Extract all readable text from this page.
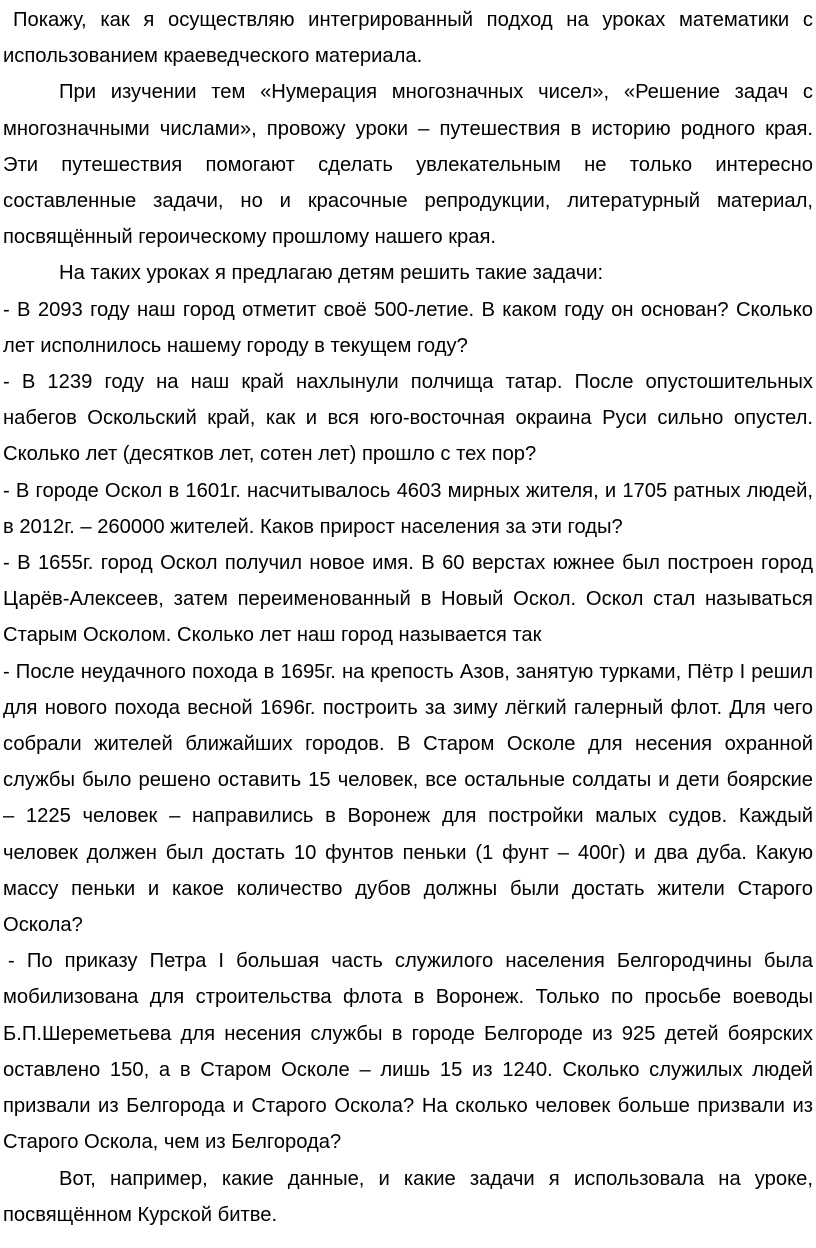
Покажу, как я осуществляю интегрированный подход на уроках математики с использованием краеведческого материала.

При изучении тем «Нумерация многозначных чисел», «Решение задач с многозначными числами», провожу уроки – путешествия в историю родного края. Эти путешествия помогают сделать увлекательным не только интересно составленные задачи, но и красочные репродукции, литературный материал, посвящённый героическому прошлому нашего края.

На таких уроках я предлагаю детям решить такие задачи:

- В 2093 году наш город отметит своё 500-летие. В каком году он основан? Сколько лет исполнилось нашему городу в текущем году?

- В 1239 году на наш край нахлынули полчища татар. После опустошительных набегов Оскольский край, как и вся юго-восточная окраина Руси сильно опустел. Сколько лет (десятков лет, сотен лет) прошло с тех пор?

- В городе Оскол в 1601г. насчитывалось 4603 мирных жителя, и 1705 ратных людей, в 2012г. – 260000 жителей. Каков прирост населения за эти годы?

- В 1655г. город Оскол получил новое имя. В 60 верстах южнее был построен город Царёв-Алексеев, затем переименованный в Новый Оскол. Оскол стал называться Старым Осколом. Сколько лет наш город называется так

- После неудачного похода в 1695г. на крепость Азов, занятую турками, Пётр I решил для нового похода весной 1696г. построить за зиму лёгкий галерный флот. Для чего собрали жителей ближайших городов. В Старом Осколе для несения охранной службы было решено оставить 15 человек, все остальные солдаты и дети боярские – 1225 человек – направились в Воронеж для постройки малых судов. Каждый человек должен был достать 10 фунтов пеньки (1 фунт – 400г) и два дуба. Какую массу пеньки и какое количество дубов должны были достать жители Старого Оскола?

- По приказу Петра I большая часть служилого населения Белгородчины была мобилизована для строительства флота в Воронеж. Только по просьбе воеводы Б.П.Шереметьева для несения службы в городе Белгороде из 925 детей боярских оставлено 150, а в Старом Осколе – лишь 15 из 1240. Сколько служилых людей призвали из Белгорода и Старого Оскола? На сколько человек больше призвали из Старого Оскола, чем из Белгорода?

Вот, например, какие данные, и какие задачи я использовала на уроке, посвящённом Курской битве.
